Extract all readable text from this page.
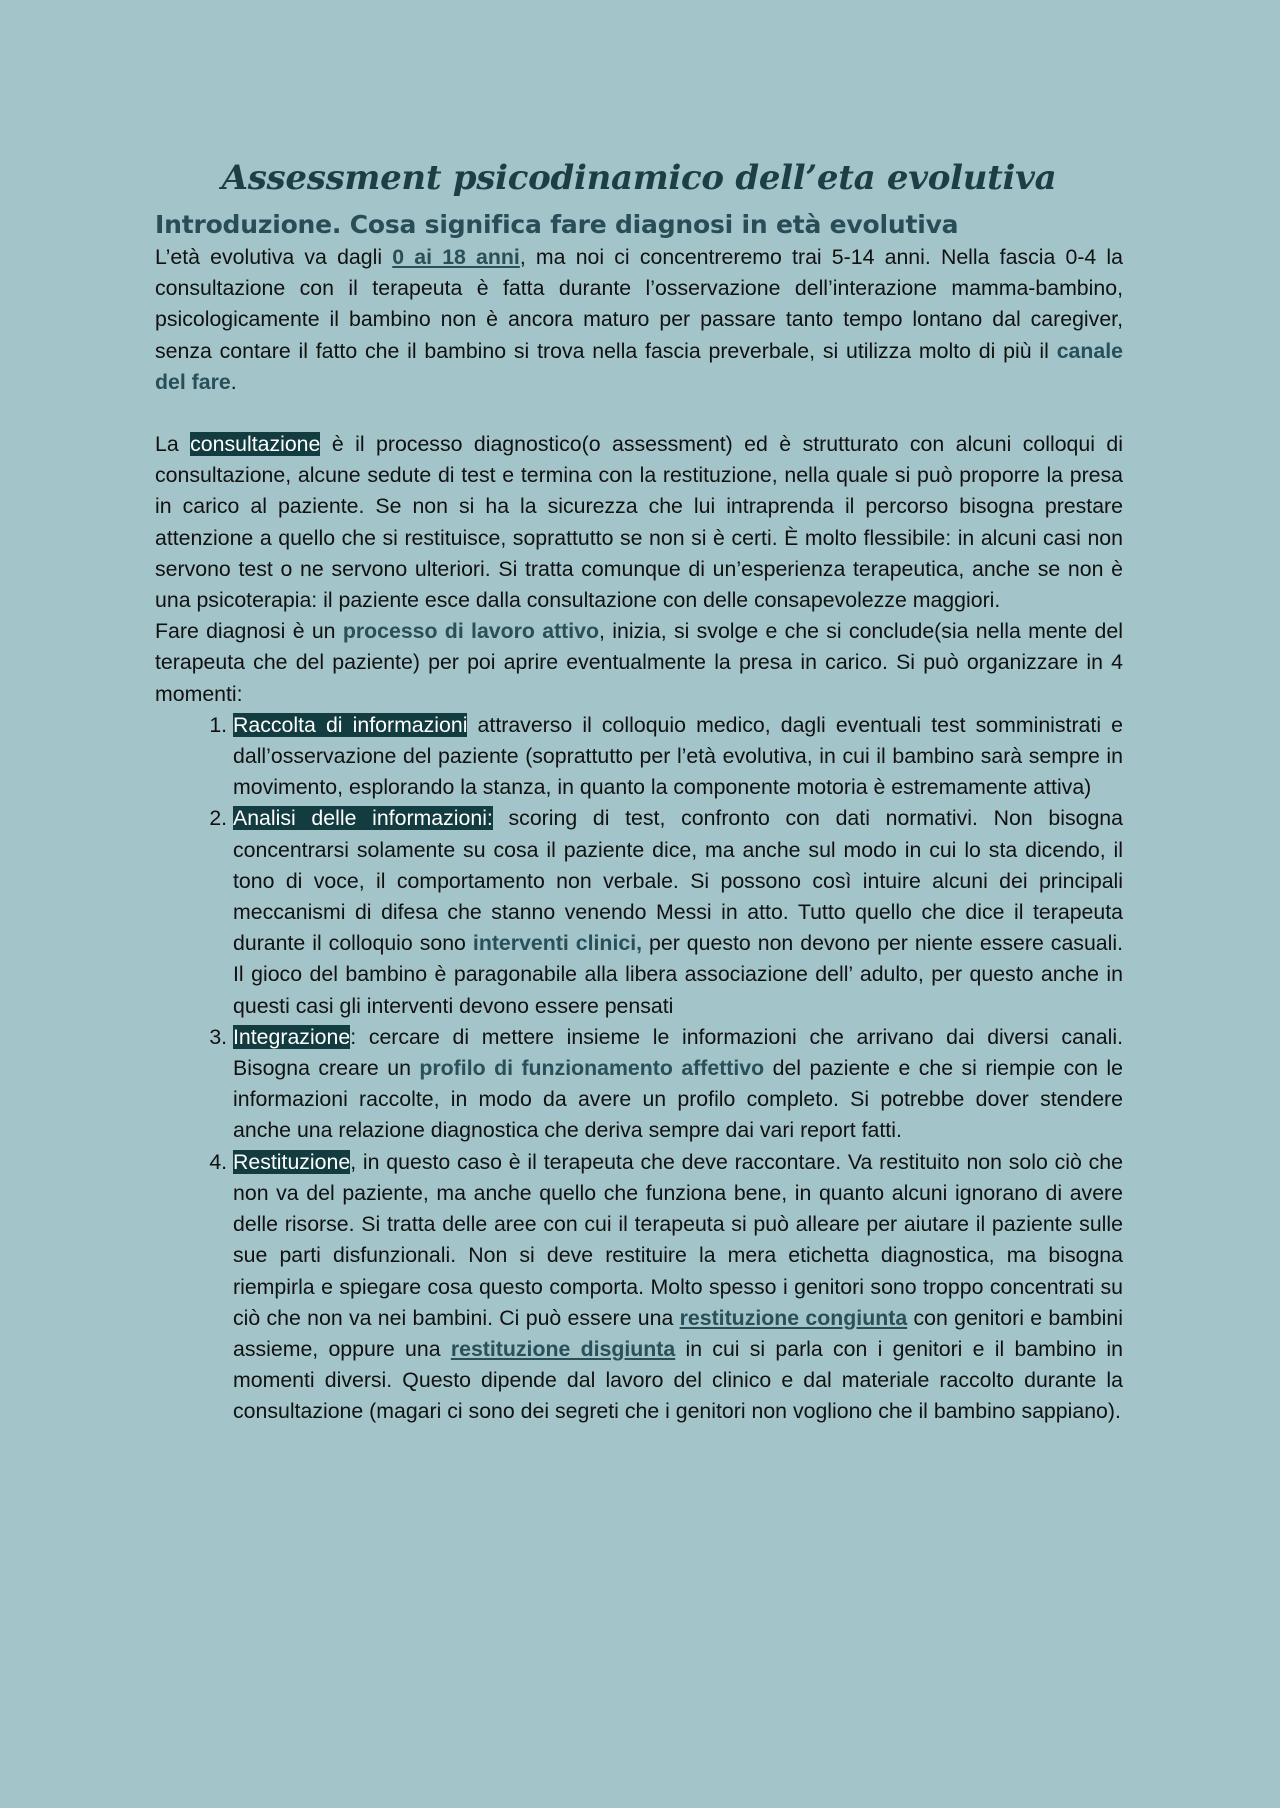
Assessment psicodinamico dell’eta evolutiva
Introduzione. Cosa significa fare diagnosi in età evolutiva

L’età evolutiva va dagli 0 ai 18 anni, ma noi ci concentreremo trai 5-14 anni. Nella fascia 0-4 la consultazione con il terapeuta è fatta durante l’osservazione dell’interazione mamma-bambino, psicologicamente il bambino non è ancora maturo per passare tanto tempo lontano dal caregiver, senza contare il fatto che il bambino si trova nella fascia preverbale, si utilizza molto di più il canale del fare.

La consultazione è il processo diagnostico(o assessment) ed è strutturato con alcuni colloqui di consultazione, alcune sedute di test e termina con la restituzione, nella quale si può proporre la presa in carico al paziente. Se non si ha la sicurezza che lui intraprenda il percorso bisogna prestare attenzione a quello che si restituisce, soprattutto se non si è certi. È molto flessibile: in alcuni casi non servono test o ne servono ulteriori. Si tratta comunque di un’esperienza terapeutica, anche se non è una psicoterapia: il paziente esce dalla consultazione con delle consapevolezze maggiori.

Fare diagnosi è un processo di lavoro attivo, inizia, si svolge e che si conclude(sia nella mente del terapeuta che del paziente) per poi aprire eventualmente la presa in carico. Si può organizzare in 4 momenti:

1. Raccolta di informazioni attraverso il colloquio medico, dagli eventuali test somministrati e dall’osservazione del paziente (soprattutto per l’età evolutiva, in cui il bambino sarà sempre in movimento, esplorando la stanza, in quanto la componente motoria è estremamente attiva)
2. Analisi delle informazioni: scoring di test, confronto con dati normativi. Non bisogna concentrarsi solamente su cosa il paziente dice, ma anche sul modo in cui lo sta dicendo, il tono di voce, il comportamento non verbale. Si possono così intuire alcuni dei principali meccanismi di difesa che stanno venendo Messi in atto. Tutto quello che dice il terapeuta durante il colloquio sono interventi clinici, per questo non devono per niente essere casuali. Il gioco del bambino è paragonabile alla libera associazione dell’ adulto, per questo anche in questi casi gli interventi devono essere pensati
3. Integrazione: cercare di mettere insieme le informazioni che arrivano dai diversi canali. Bisogna creare un profilo di funzionamento affettivo del paziente e che si riempie con le informazioni raccolte, in modo da avere un profilo completo. Si potrebbe dover stendere anche una relazione diagnostica che deriva sempre dai vari report fatti.
4. Restituzione, in questo caso è il terapeuta che deve raccontare. Va restituito non solo ciò che non va del paziente, ma anche quello che funziona bene, in quanto alcuni ignorano di avere delle risorse. Si tratta delle aree con cui il terapeuta si può alleare per aiutare il paziente sulle sue parti disfunzionali. Non si deve restituire la mera etichetta diagnostica, ma bisogna riempirla e spiegare cosa questo comporta. Molto spesso i genitori sono troppo concentrati su ciò che non va nei bambini. Ci può essere una restituzione congiunta con genitori e bambini assieme, oppure una restituzione disgiunta in cui si parla con i genitori e il bambino in momenti diversi. Questo dipende dal lavoro del clinico e dal materiale raccolto durante la consultazione (magari ci sono dei segreti che i genitori non vogliono che il bambino sappiano).
